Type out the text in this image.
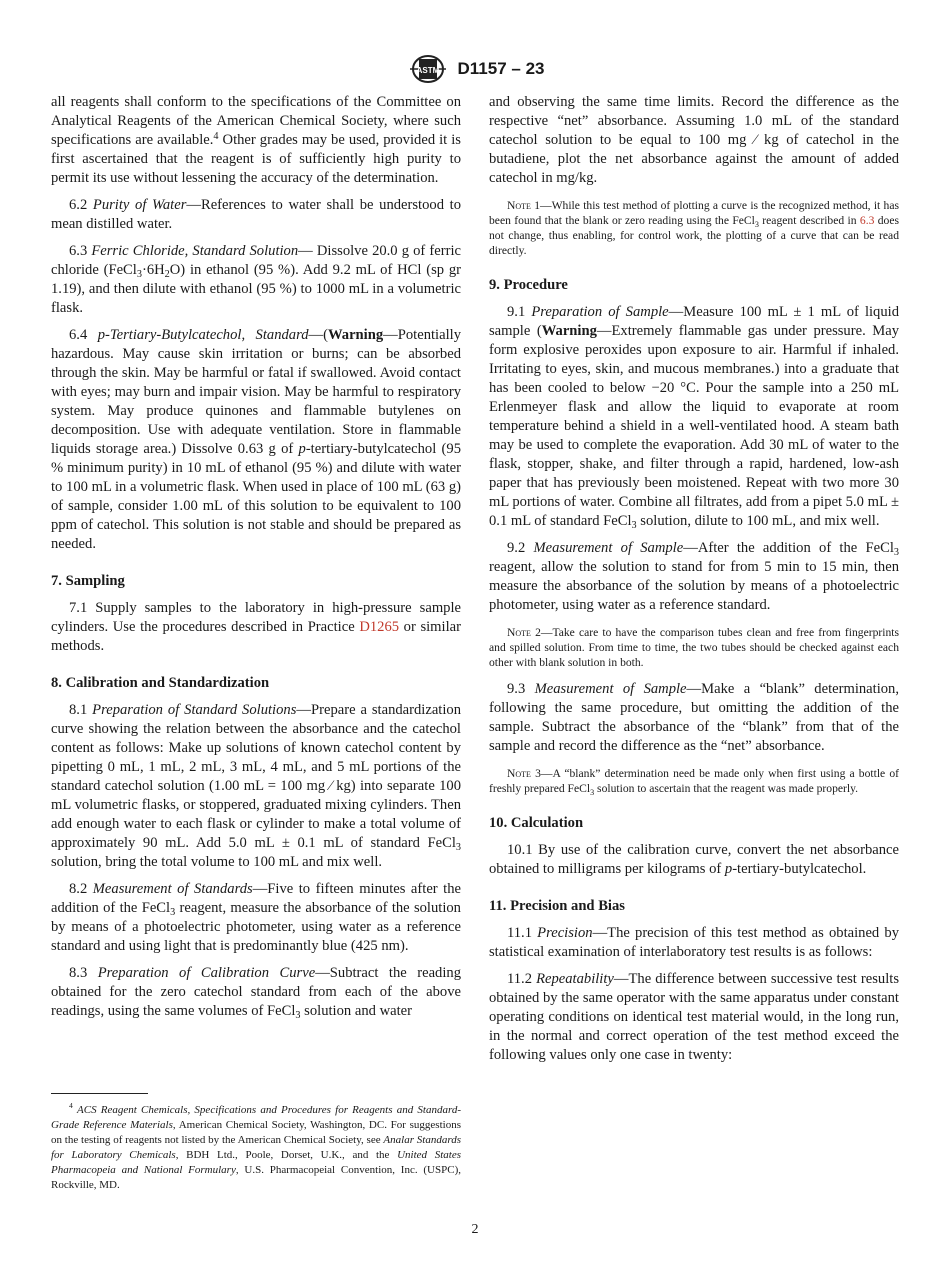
ASTM D1157 – 23

all reagents shall conform to the specifications of the Committee on Analytical Reagents of the American Chemical Society, where such specifications are available.$^4$ Other grades may be used, provided it is first ascertained that the reagent is of sufficiently high purity to permit its use without lessening the accuracy of the determination.

6.2 Purity of Water—References to water shall be understood to mean distilled water.

6.3 Ferric Chloride, Standard Solution— Dissolve 20.0 g of ferric chloride $(FeCl_3\cdot 6H_2O)$ in ethanol (95 %). Add 9.2 mL of HCl (sp gr 1.19), and then dilute with ethanol (95 %) to 1000 mL in a volumetric flask.

6.4 p-Tertiary-Butylcatechol, Standard—(Warning—Potentially hazardous. May cause skin irritation or burns; can be absorbed through the skin. May be harmful or fatal if swallowed. Avoid contact with eyes; may burn and impair vision. May be harmful to respiratory system. May produce quinones and flammable butylenes on decomposition. Use with adequate ventilation. Store in flammable liquids storage area.) Dissolve 0.63 g of p-tertiary-butylcatechol (95 % minimum purity) in 10 mL of ethanol (95 %) and dilute with water to 100 mL in a volumetric flask. When used in place of 100 mL (63 g) of sample, consider 1.00 mL of this solution to be equivalent to 100 ppm of catechol. This solution is not stable and should be prepared as needed.

7. Sampling

7.1 Supply samples to the laboratory in high-pressure sample cylinders. Use the procedures described in Practice D1265 or similar methods.

8. Calibration and Standardization

8.1 Preparation of Standard Solutions—Prepare a standardization curve showing the relation between the absorbance and the catechol content as follows: Make up solutions of known catechol content by pipetting 0 mL, 1 mL, 2 mL, 3 mL, 4 mL, and 5 mL portions of the standard catechol solution (1.00 mL = 100 mg ⁄ kg) into separate 100 mL volumetric flasks, or stoppered, graduated mixing cylinders. Then add enough water to each flask or cylinder to make a total volume of approximately 90 mL. Add 5.0 mL ± 0.1 mL of standard FeCl$_3$ solution, bring the total volume to 100 mL and mix well.

8.2 Measurement of Standards—Five to fifteen minutes after the addition of the FeCl$_3$ reagent, measure the absorbance of the solution by means of a photoelectric photometer, using water as a reference standard and using light that is predominantly blue (425 nm).

8.3 Preparation of Calibration Curve—Subtract the reading obtained for the zero catechol standard from each of the above readings, using the same volumes of FeCl$_3$ solution and water

and observing the same time limits. Record the difference as the respective “net” absorbance. Assuming 1.0 mL of the standard catechol solution to be equal to 100 mg ⁄ kg of catechol in the butadiene, plot the net absorbance against the amount of added catechol in mg/kg.

Note 1—While this test method of plotting a curve is the recognized method, it has been found that the blank or zero reading using the FeCl$_3$ reagent described in 6.3 does not change, thus enabling, for control work, the plotting of a curve that can be read directly.

9. Procedure

9.1 Preparation of Sample—Measure 100 mL ± 1 mL of liquid sample (Warning—Extremely flammable gas under pressure. May form explosive peroxides upon exposure to air. Harmful if inhaled. Irritating to eyes, skin, and mucous membranes.) into a graduate that has been cooled to below −20 °C. Pour the sample into a 250 mL Erlenmeyer flask and allow the liquid to evaporate at room temperature behind a shield in a well-ventilated hood. A steam bath may be used to complete the evaporation. Add 30 mL of water to the flask, stopper, shake, and filter through a rapid, hardened, low-ash paper that has previously been moistened. Repeat with two more 30 mL portions of water. Combine all filtrates, add from a pipet 5.0 mL ± 0.1 mL of standard FeCl$_3$ solution, dilute to 100 mL, and mix well.

9.2 Measurement of Sample—After the addition of the FeCl$_3$ reagent, allow the solution to stand for from 5 min to 15 min, then measure the absorbance of the solution by means of a photoelectric photometer, using water as a reference standard.

Note 2—Take care to have the comparison tubes clean and free from fingerprints and spilled solution. From time to time, the two tubes should be checked against each other with blank solution in both.

9.3 Measurement of Sample—Make a “blank” determination, following the same procedure, but omitting the addition of the sample. Subtract the absorbance of the “blank” from that of the sample and record the difference as the “net” absorbance.

Note 3—A “blank” determination need be made only when first using a bottle of freshly prepared FeCl$_3$ solution to ascertain that the reagent was made properly.

10. Calculation

10.1 By use of the calibration curve, convert the net absorbance obtained to milligrams per kilograms of p-tertiary-butylcatechol.

11. Precision and Bias

11.1 Precision—The precision of this test method as obtained by statistical examination of interlaboratory test results is as follows:

11.2 Repeatability—The difference between successive test results obtained by the same operator with the same apparatus under constant operating conditions on identical test material would, in the long run, in the normal and correct operation of the test method exceed the following values only one case in twenty:

$^4$ ACS Reagent Chemicals, Specifications and Procedures for Reagents and Standard-Grade Reference Materials, American Chemical Society, Washington, DC. For suggestions on the testing of reagents not listed by the American Chemical Society, see Analar Standards for Laboratory Chemicals, BDH Ltd., Poole, Dorset, U.K., and the United States Pharmacopeia and National Formulary, U.S. Pharmacopeial Convention, Inc. (USPC), Rockville, MD.

2
